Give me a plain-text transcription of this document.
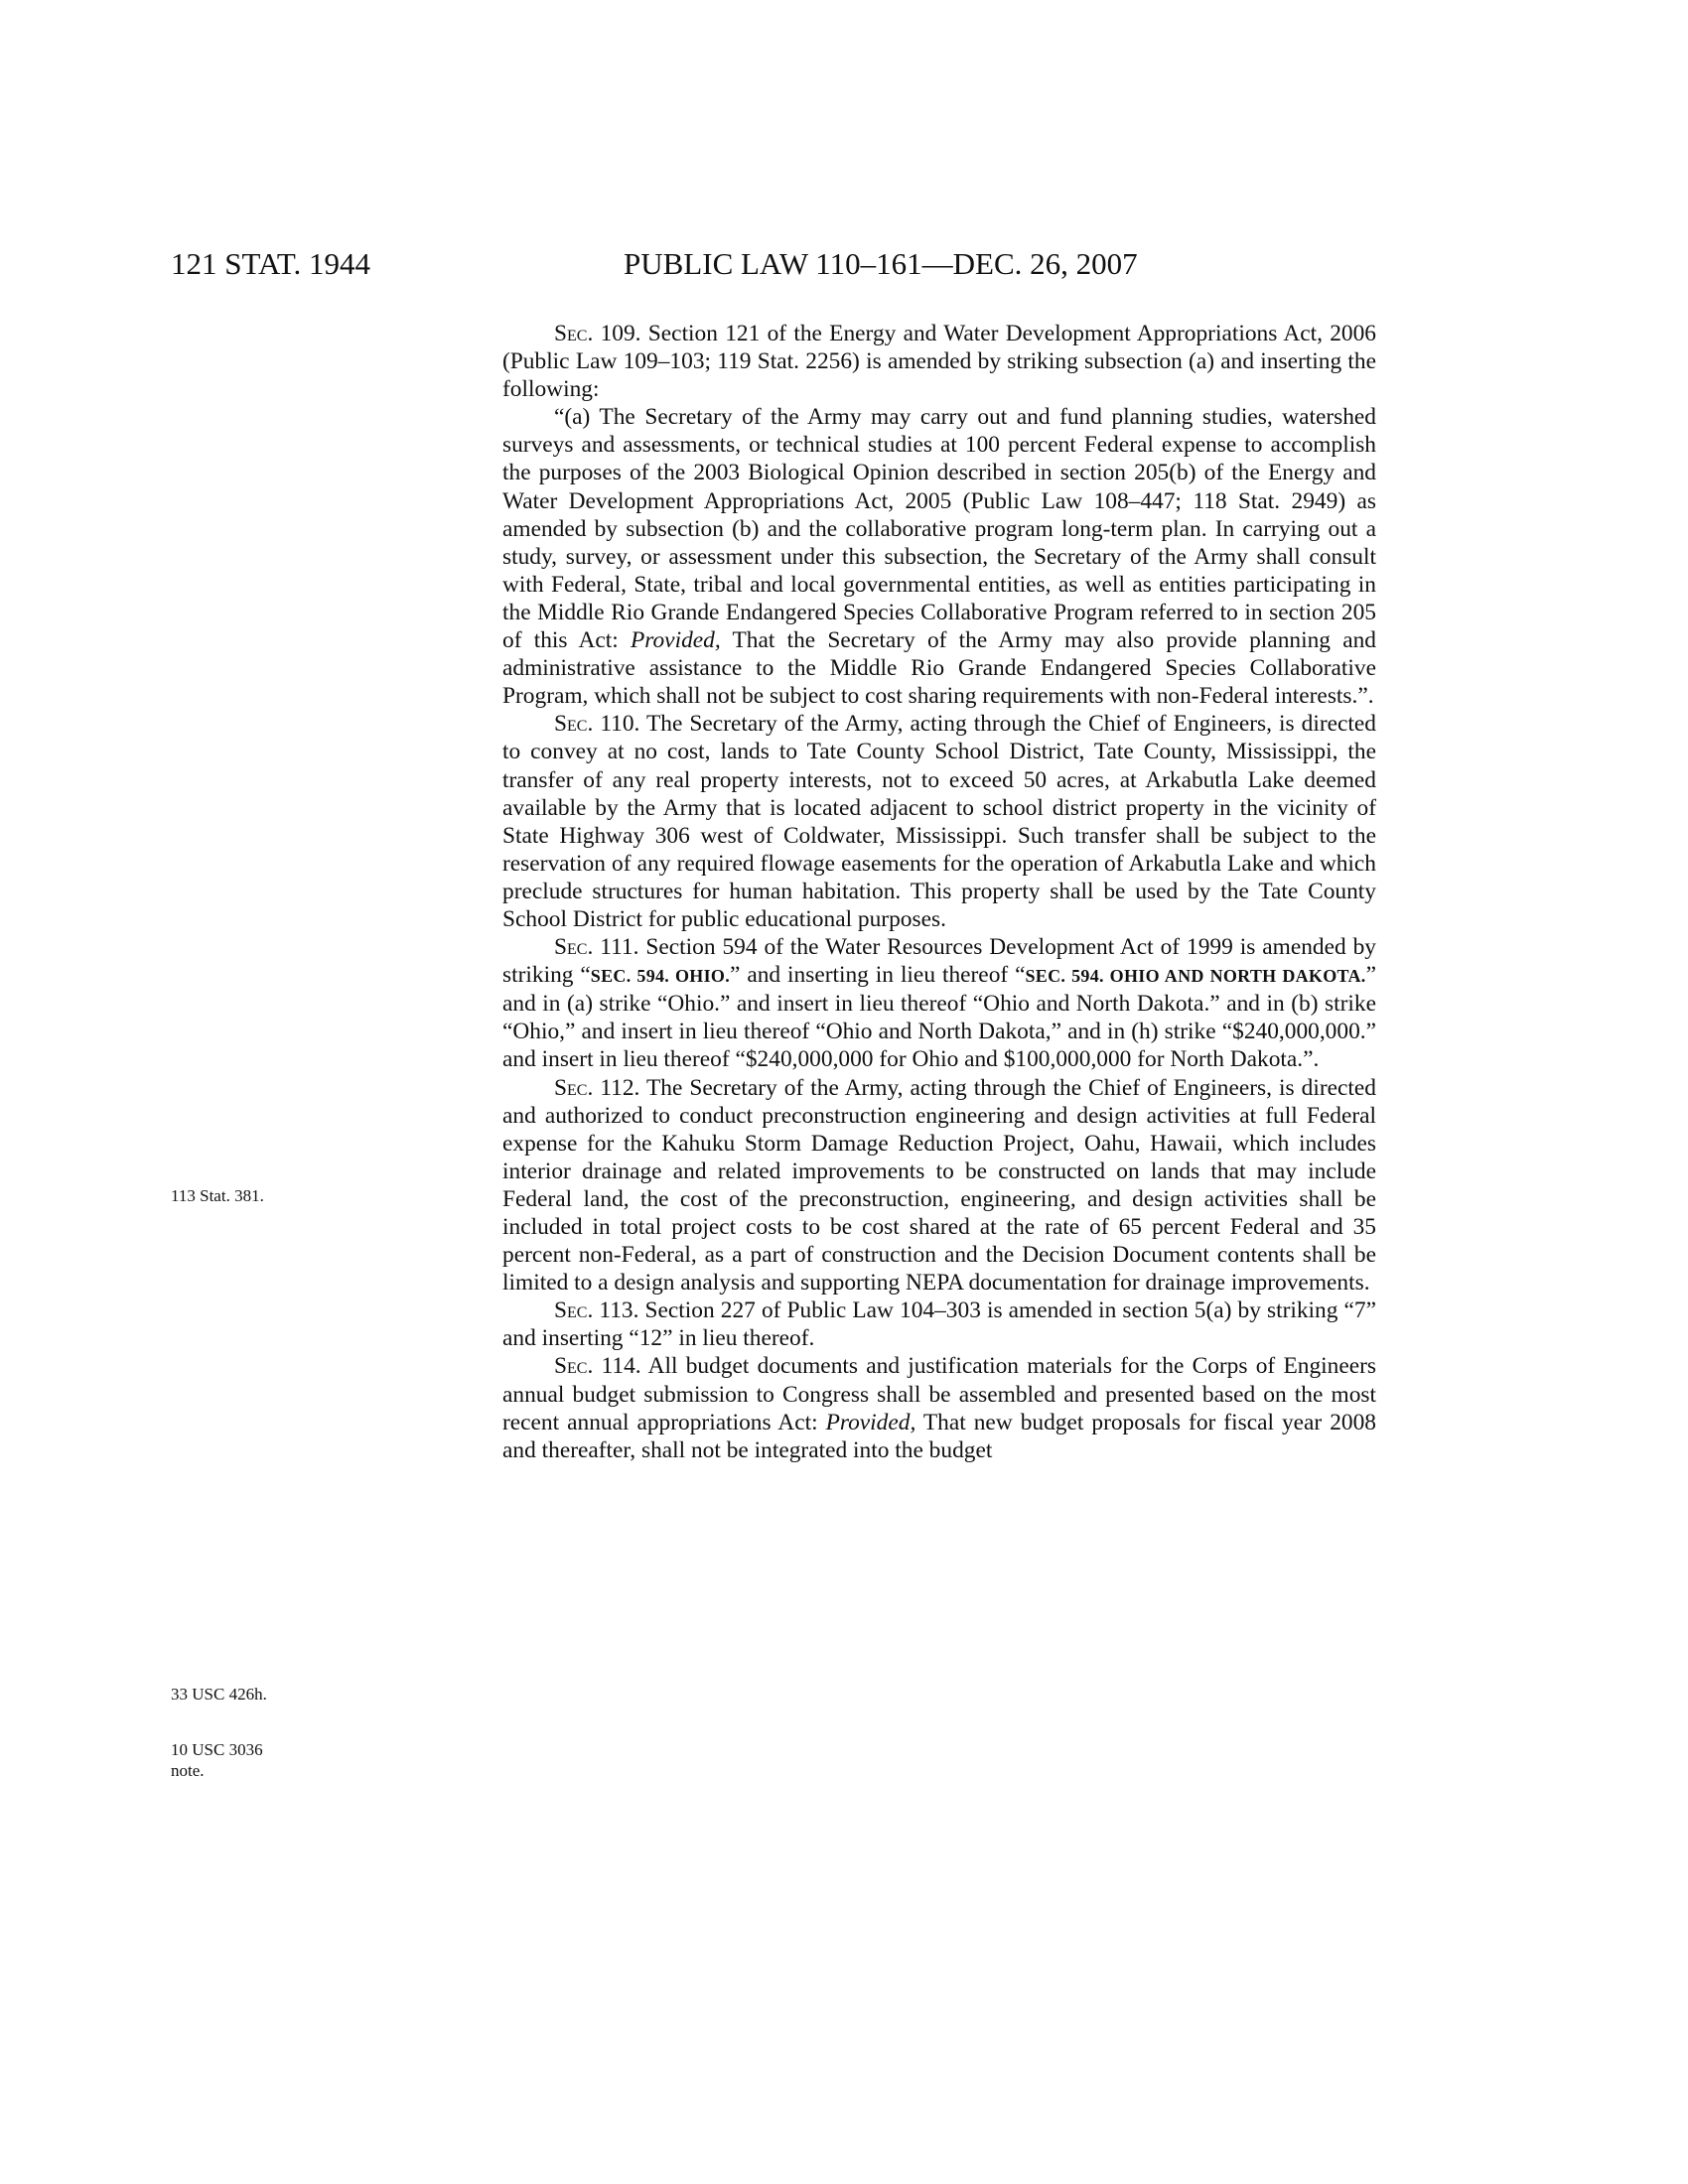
121 STAT. 1944	PUBLIC LAW 110–161—DEC. 26, 2007
113 Stat. 381.
33 USC 426h.
10 USC 3036 note.

Sec. 109. Section 121 of the Energy and Water Development Appropriations Act, 2006 (Public Law 109–103; 119 Stat. 2256) is amended by striking subsection (a) and inserting the following:

“(a) The Secretary of the Army may carry out and fund planning studies, watershed surveys and assessments, or technical studies at 100 percent Federal expense to accomplish the purposes of the 2003 Biological Opinion described in section 205(b) of the Energy and Water Development Appropriations Act, 2005 (Public Law 108–447; 118 Stat. 2949) as amended by subsection (b) and the collaborative program long-term plan. In carrying out a study, survey, or assessment under this subsection, the Secretary of the Army shall consult with Federal, State, tribal and local governmental entities, as well as entities participating in the Middle Rio Grande Endangered Species Collaborative Program referred to in section 205 of this Act: Provided, That the Secretary of the Army may also provide planning and administrative assistance to the Middle Rio Grande Endangered Species Collaborative Program, which shall not be subject to cost sharing requirements with non-Federal interests.”.

Sec. 110. The Secretary of the Army, acting through the Chief of Engineers, is directed to convey at no cost, lands to Tate County School District, Tate County, Mississippi, the transfer of any real property interests, not to exceed 50 acres, at Arkabutla Lake deemed available by the Army that is located adjacent to school district property in the vicinity of State Highway 306 west of Coldwater, Mississippi. Such transfer shall be subject to the reservation of any required flowage easements for the operation of Arkabutla Lake and which preclude structures for human habitation. This property shall be used by the Tate County School District for public educational purposes.

Sec. 111. Section 594 of the Water Resources Development Act of 1999 is amended by striking “SEC. 594. OHIO.” and inserting in lieu thereof “SEC. 594. OHIO AND NORTH DAKOTA.” and in (a) strike “Ohio.” and insert in lieu thereof “Ohio and North Dakota.” and in (b) strike “Ohio,” and insert in lieu thereof “Ohio and North Dakota,” and in (h) strike “$240,000,000.” and insert in lieu thereof “$240,000,000 for Ohio and $100,000,000 for North Dakota.”.

Sec. 112. The Secretary of the Army, acting through the Chief of Engineers, is directed and authorized to conduct preconstruction engineering and design activities at full Federal expense for the Kahuku Storm Damage Reduction Project, Oahu, Hawaii, which includes interior drainage and related improvements to be constructed on lands that may include Federal land, the cost of the preconstruction, engineering, and design activities shall be included in total project costs to be cost shared at the rate of 65 percent Federal and 35 percent non-Federal, as a part of construction and the Decision Document contents shall be limited to a design analysis and supporting NEPA documentation for drainage improvements.

Sec. 113. Section 227 of Public Law 104–303 is amended in section 5(a) by striking “7” and inserting “12” in lieu thereof.

Sec. 114. All budget documents and justification materials for the Corps of Engineers annual budget submission to Congress shall be assembled and presented based on the most recent annual appropriations Act: Provided, That new budget proposals for fiscal year 2008 and thereafter, shall not be integrated into the budget
